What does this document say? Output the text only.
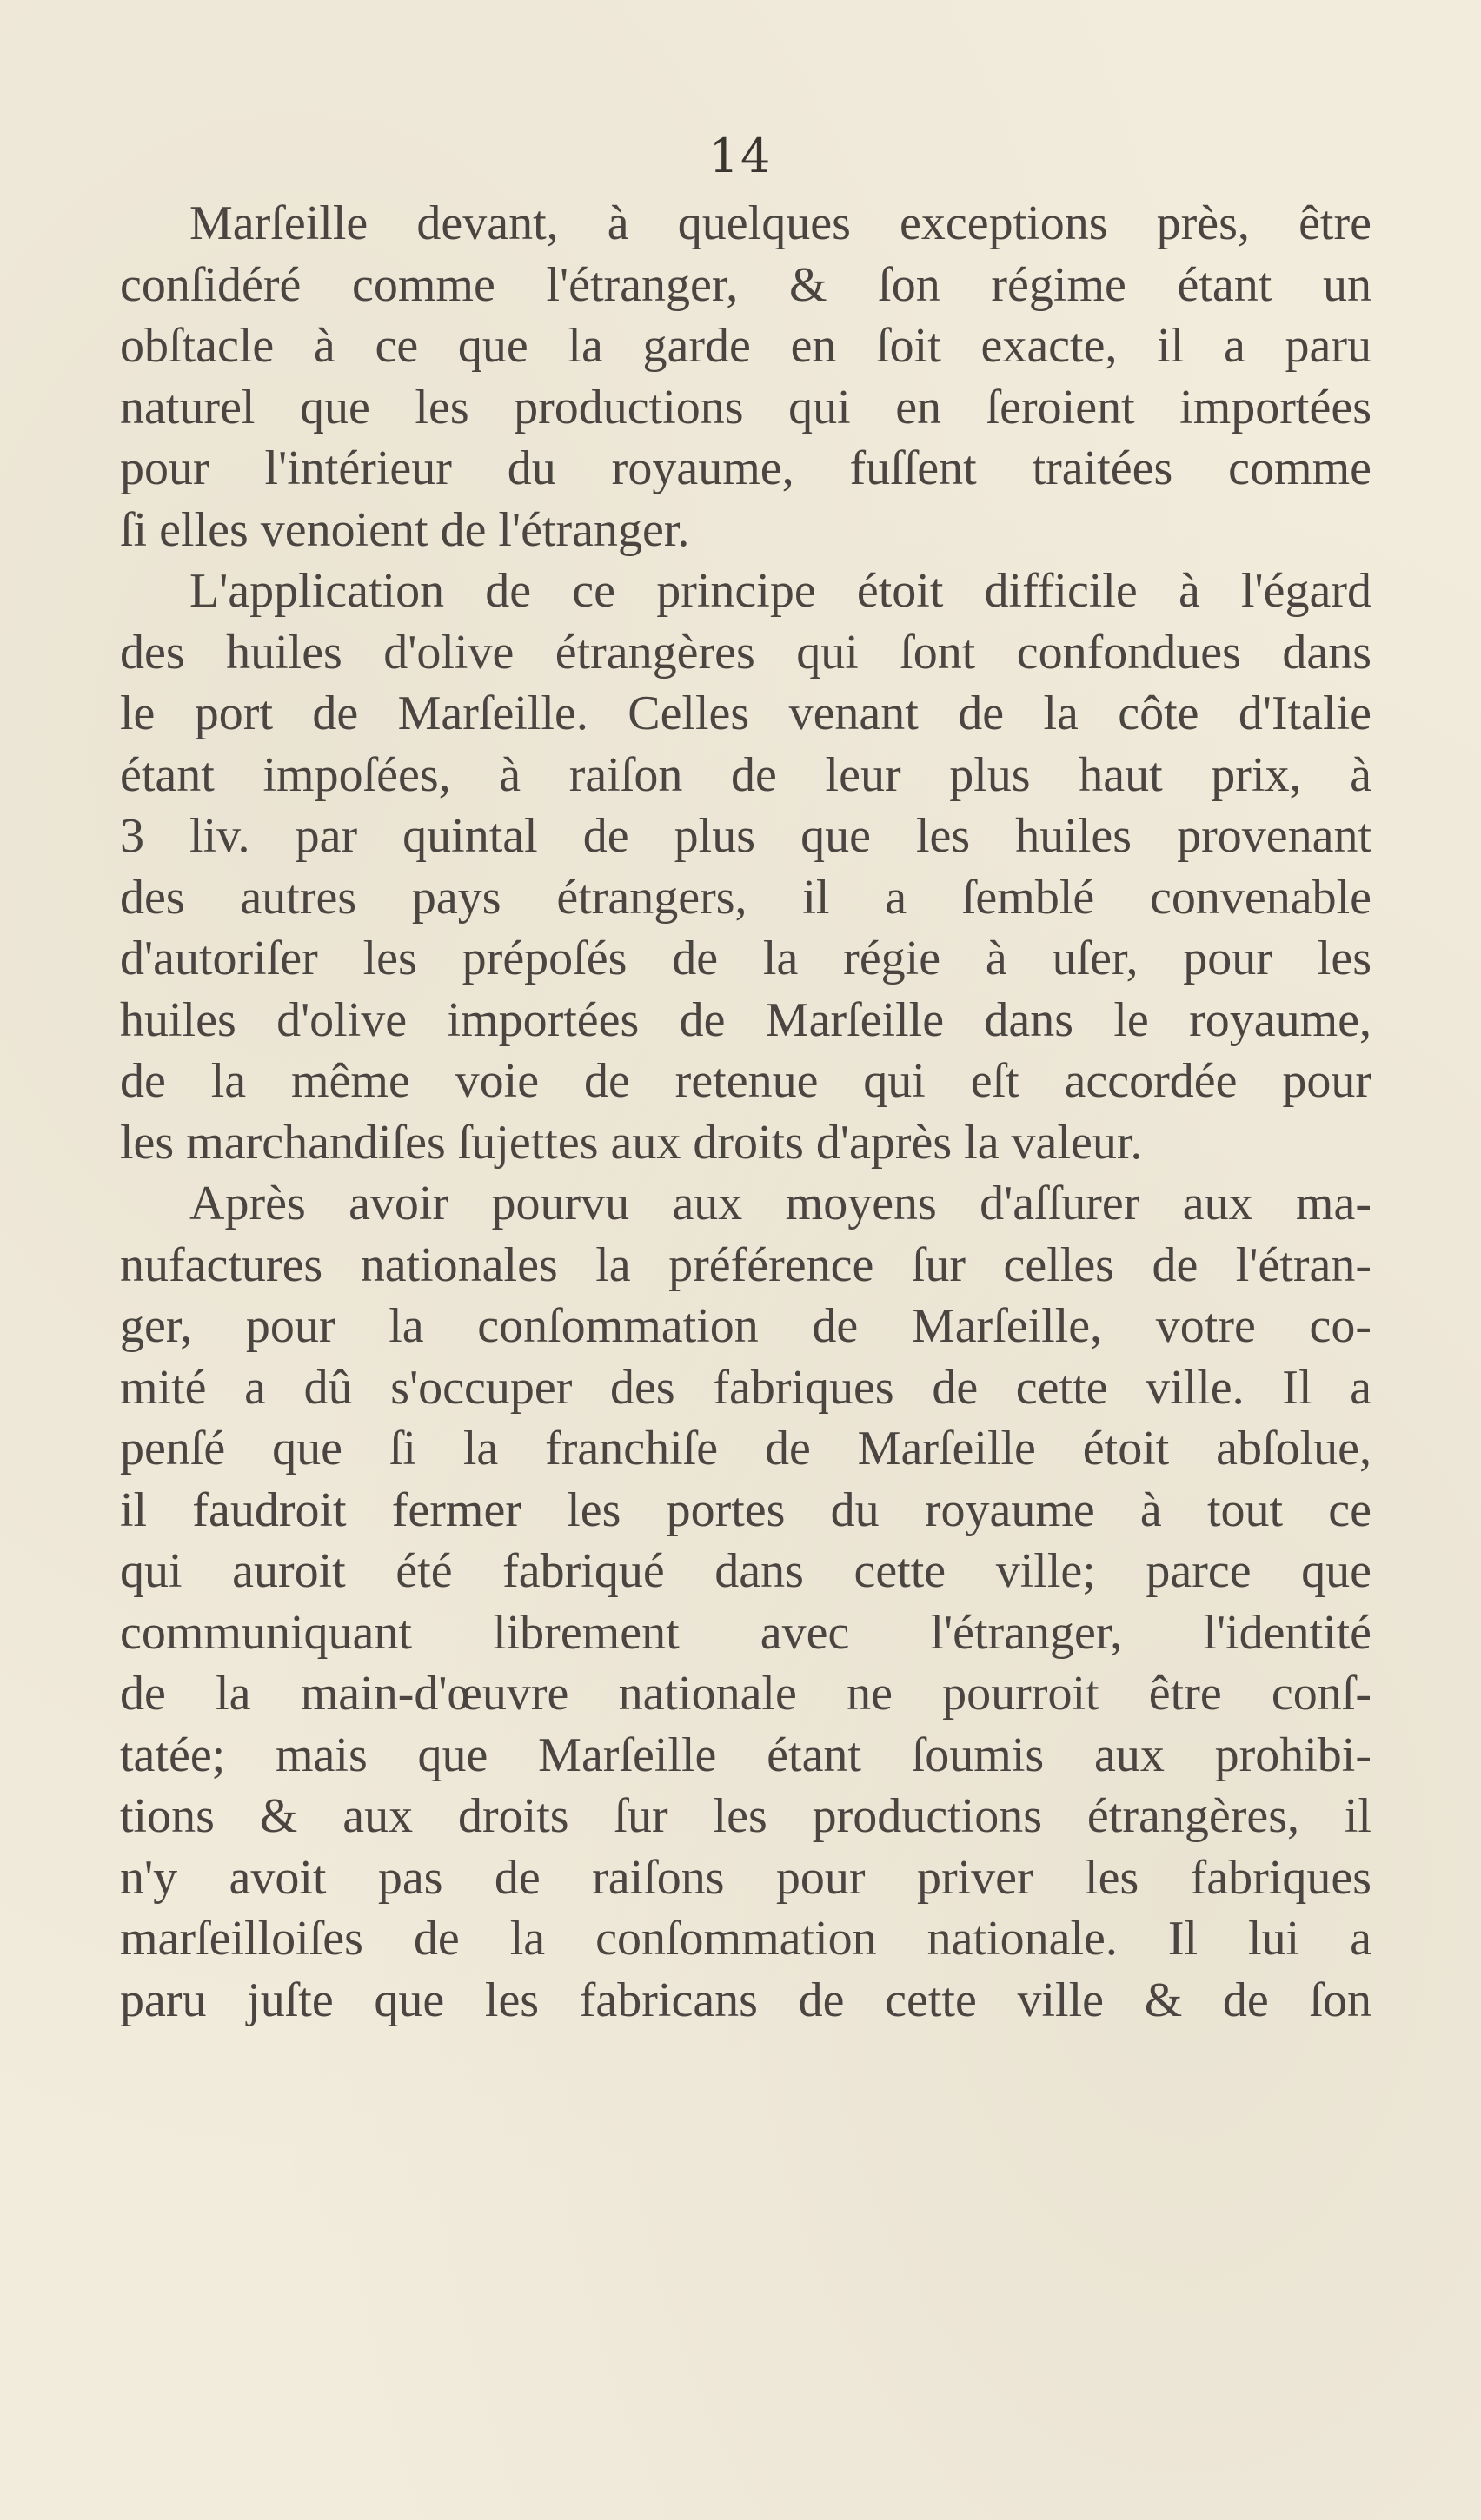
14
Marſeille devant, à quelques exceptions près, être
conſidéré comme l'étranger, & ſon régime étant un
obſtacle à ce que la garde en ſoit exacte, il a paru
naturel que les productions qui en ſeroient importées
pour l'intérieur du royaume, fuſſent traitées comme
ſi elles venoient de l'étranger.
L'application de ce principe étoit difficile à l'égard
des huiles d'olive étrangères qui ſont confondues dans
le port de Marſeille. Celles venant de la côte d'Italie
étant impoſées, à raiſon de leur plus haut prix, à
3 liv. par quintal de plus que les huiles provenant
des autres pays étrangers, il a ſemblé convenable
d'autoriſer les prépoſés de la régie à uſer, pour les
huiles d'olive importées de Marſeille dans le royaume,
de la même voie de retenue qui eſt accordée pour
les marchandiſes ſujettes aux droits d'après la valeur.
Après avoir pourvu aux moyens d'aſſurer aux ma-
nufactures nationales la préférence ſur celles de l'étran-
ger, pour la conſommation de Marſeille, votre co-
mité a dû s'occuper des fabriques de cette ville. Il a
penſé que ſi la franchiſe de Marſeille étoit abſolue,
il faudroit fermer les portes du royaume à tout ce
qui auroit été fabriqué dans cette ville; parce que
communiquant librement avec l'étranger, l'identité
de la main-d'œuvre nationale ne pourroit être conſ-
tatée; mais que Marſeille étant ſoumis aux prohibi-
tions & aux droits ſur les productions étrangères, il
n'y avoit pas de raiſons pour priver les fabriques
marſeilloiſes de la conſommation nationale. Il lui a
paru juſte que les fabricans de cette ville & de ſon
